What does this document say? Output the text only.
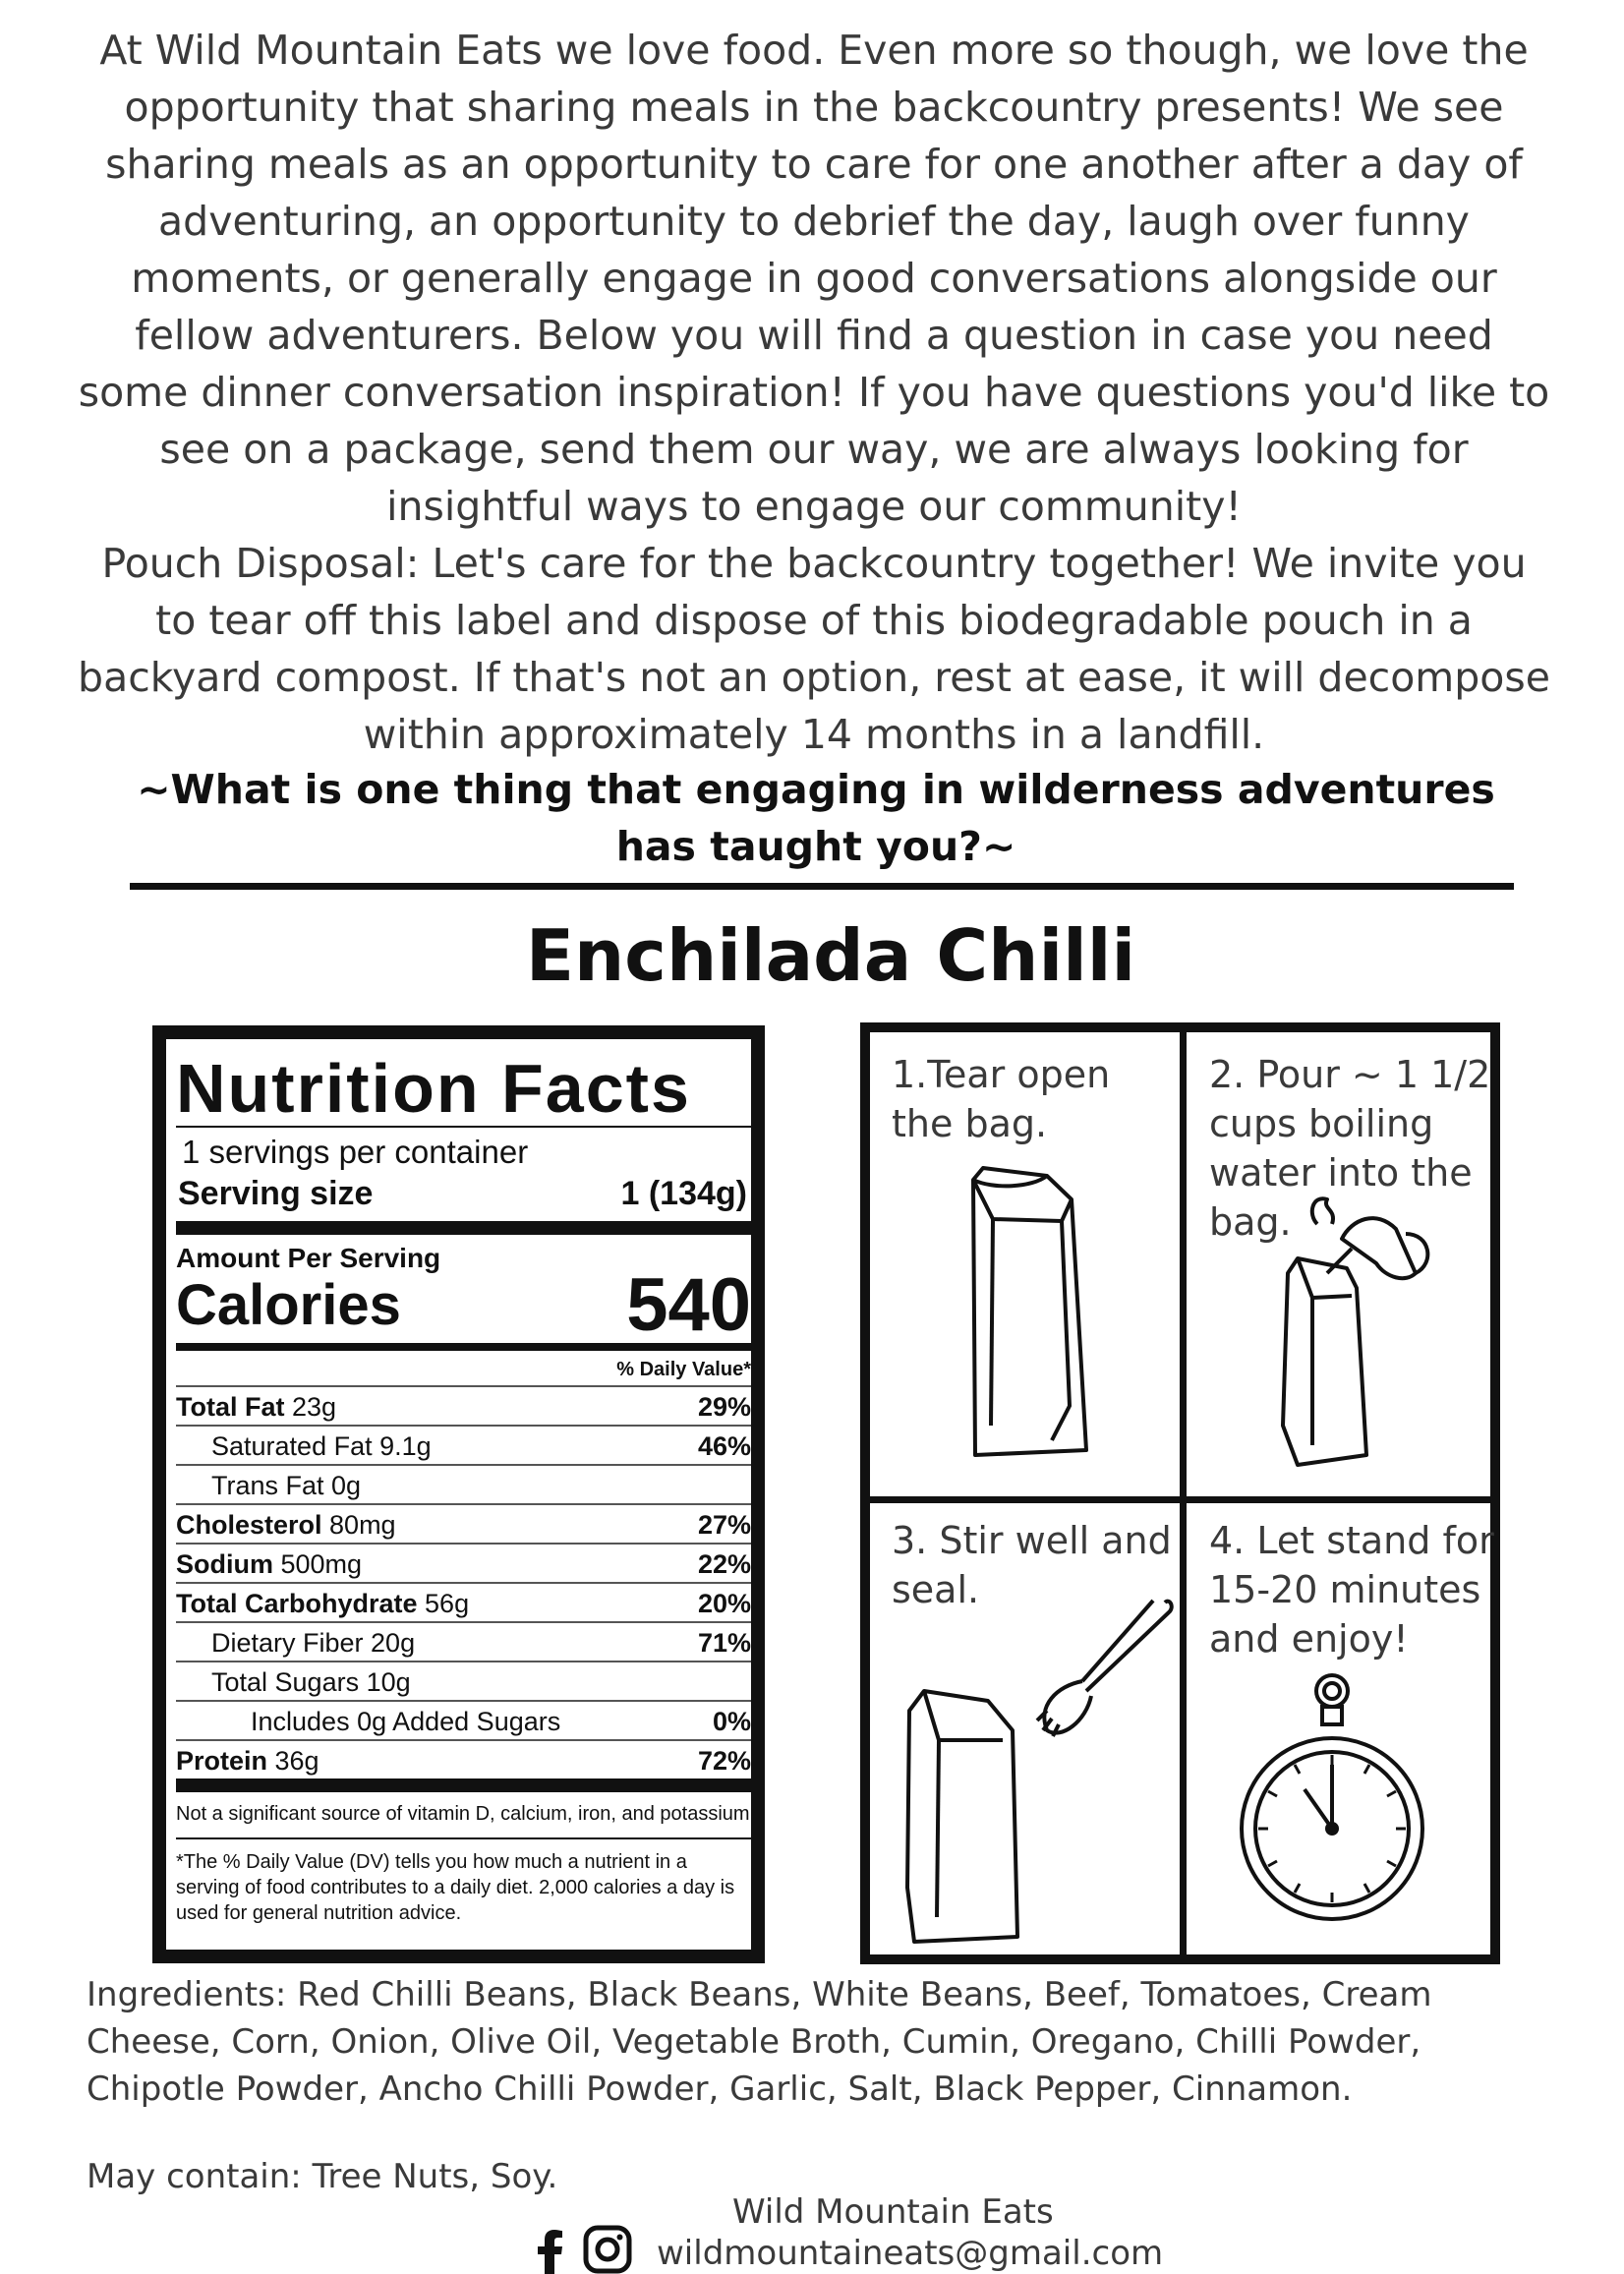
At Wild Mountain Eats we love food. Even more so though, we love the opportunity that sharing meals in the backcountry presents! We see sharing meals as an opportunity to care for one another after a day of adventuring, an opportunity to debrief the day, laugh over funny moments, or generally engage in good conversations alongside our fellow adventurers. Below you will find a question in case you need some dinner conversation inspiration! If you have questions you'd like to see on a package, send them our way, we are always looking for insightful ways to engage our community!

Pouch Disposal: Let's care for the backcountry together! We invite you to tear off this label and dispose of this biodegradable pouch in a backyard compost. If that's not an option, rest at ease, it will decompose within approximately 14 months in a landfill.

~What is one thing that engaging in wilderness adventures has taught you?~
Enchilada Chilli
Nutrition Facts
1 servings per container
Serving size	1 (134g)
Amount Per Serving
Calories	540
% Daily Value*
Total Fat 23g	29%
Saturated Fat 9.1g	46%
Trans Fat 0g
Cholesterol 80mg	27%
Sodium 500mg	22%
Total Carbohydrate 56g	20%
Dietary Fiber 20g	71%
Total Sugars 10g
Includes 0g Added Sugars	0%
Protein 36g	72%
Not a significant source of vitamin D, calcium, iron, and potassium
*The % Daily Value (DV) tells you how much a nutrient in a serving of food contributes to a daily diet. 2,000 calories a day is used for general nutrition advice.
1.Tear open the bag.
2. Pour ~ 1 1/2 cups boiling water into the bag.
3. Stir well and seal.
4. Let stand for 15-20 minutes and enjoy!
Ingredients: Red Chilli Beans, Black Beans, White Beans, Beef, Tomatoes, Cream Cheese, Corn, Onion, Olive Oil, Vegetable Broth, Cumin, Oregano, Chilli Powder, Chipotle Powder, Ancho Chilli Powder, Garlic, Salt, Black Pepper, Cinnamon.
May contain: Tree Nuts, Soy.
Wild Mountain Eats
wildmountaineats@gmail.com
